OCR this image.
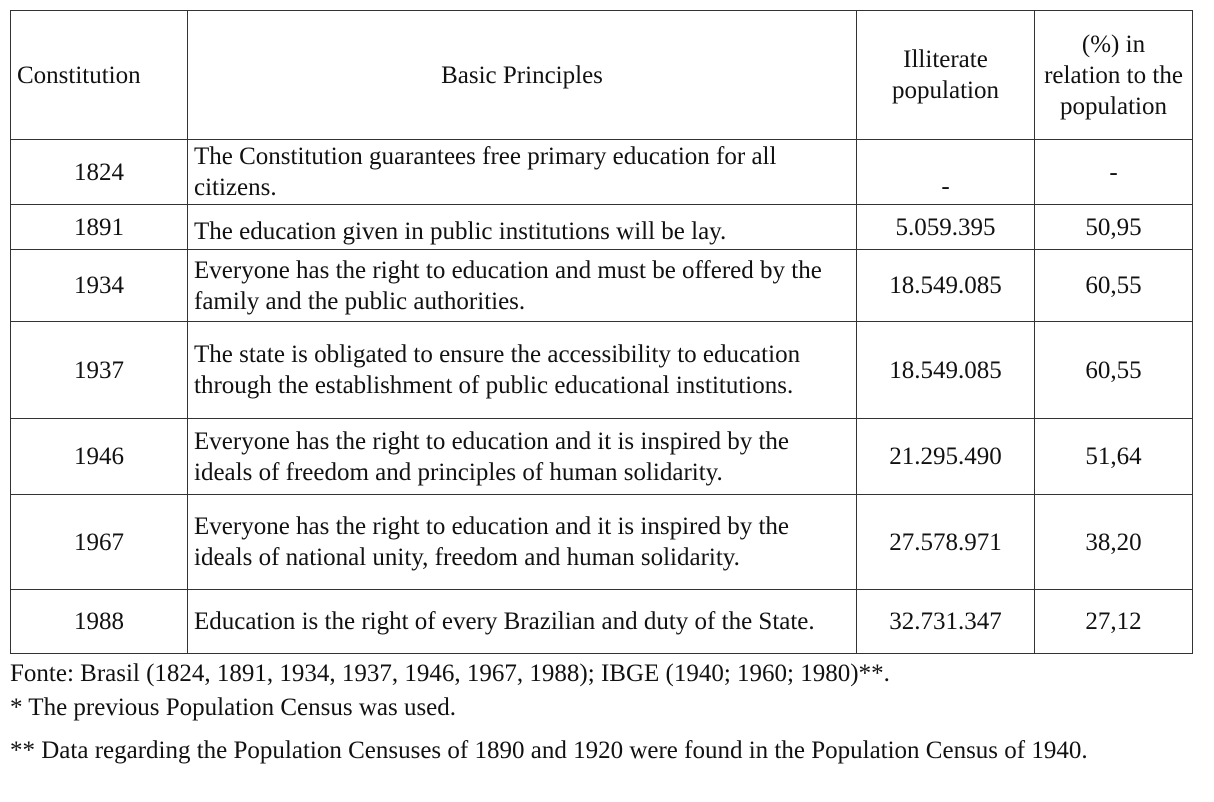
Constitution	Basic Principles	Illiterate population	(%) in relation to the population
1824	The Constitution guarantees free primary education for all citizens.	-	-
1891	The education given in public institutions will be lay.	5.059.395	50,95
1934	Everyone has the right to education and must be offered by the family and the public authorities.	18.549.085	60,55
1937	The state is obligated to ensure the accessibility to education through the establishment of public educational institutions.	18.549.085	60,55
1946	Everyone has the right to education and it is inspired by the ideals of freedom and principles of human solidarity.	21.295.490	51,64
1967	Everyone has the right to education and it is inspired by the ideals of national unity, freedom and human solidarity.	27.578.971	38,20
1988	Education is the right of every Brazilian and duty of the State.	32.731.347	27,12

Fonte: Brasil (1824, 1891, 1934, 1937, 1946, 1967, 1988); IBGE (1940; 1960; 1980)**.

* The previous Population Census was used.

** Data regarding the Population Censuses of 1890 and 1920 were found in the Population Census of 1940.
